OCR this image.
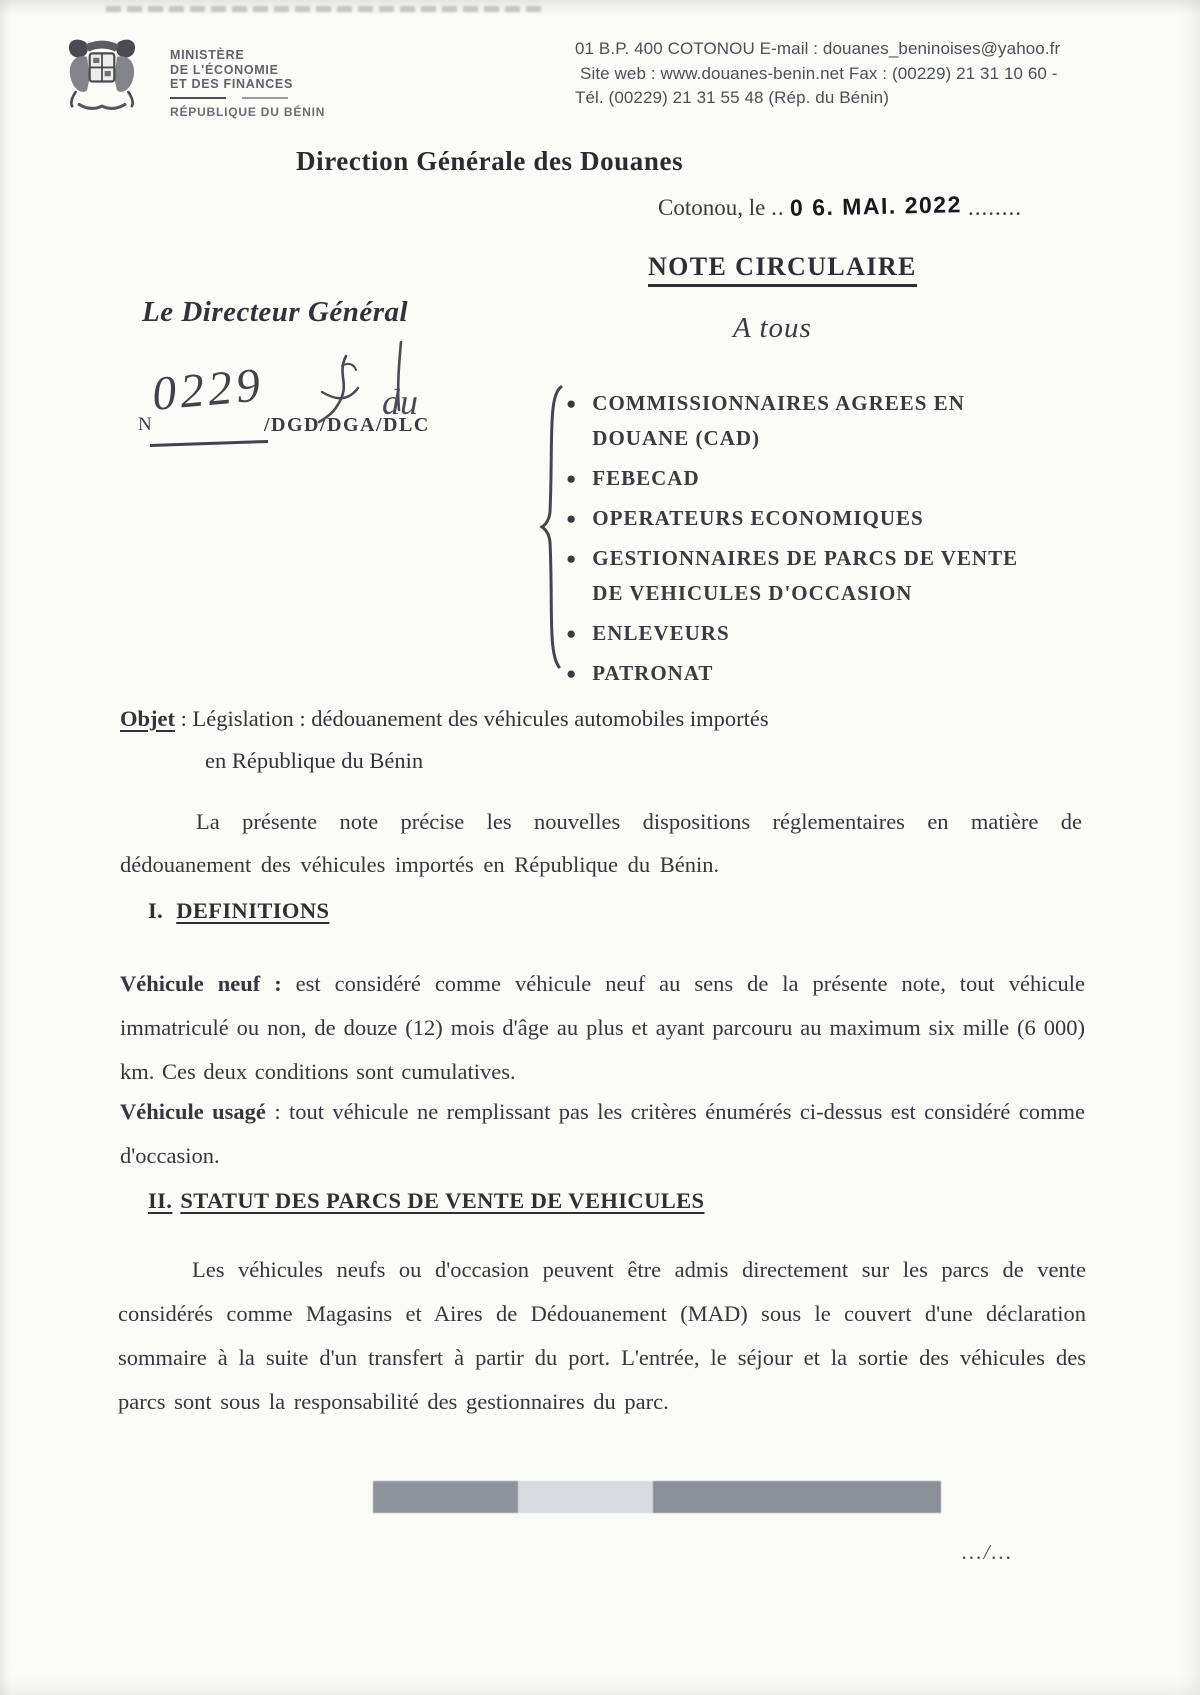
MINISTÈRE
DE L'ÉCONOMIE
ET DES FINANCES
RÉPUBLIQUE DU BÉNIN
01 B.P. 400 COTONOU E-mail : douanes_beninoises@yahoo.fr
Site web : www.douanes-benin.net Fax : (00229) 21 31 10 60 -
Tél. (00229) 21 31 55 48 (Rép. du Bénin)
Direction Générale des Douanes
Cotonou, le .. 0 6. MAI. 2022 ........
NOTE CIRCULAIRE
Le Directeur Général	A tous
N
0229
/DGD/DGA/DLC
du	● COMMISSIONNAIRES AGREES EN DOUANE (CAD)
● FEBECAD
● OPERATEURS ECONOMIQUES
● GESTIONNAIRES DE PARCS DE VENTE DE VEHICULES D'OCCASION
● ENLEVEURS
● PATRONAT
Objet : Législation : dédouanement des véhicules automobiles importés
en République du Bénin
La présente note précise les nouvelles dispositions réglementaires en matière de dédouanement des véhicules importés en République du Bénin.
I. DEFINITIONS
Véhicule neuf : est considéré comme véhicule neuf au sens de la présente note, tout véhicule immatriculé ou non, de douze (12) mois d'âge au plus et ayant parcouru au maximum six mille (6 000) km. Ces deux conditions sont cumulatives.
Véhicule usagé : tout véhicule ne remplissant pas les critères énumérés ci-dessus est considéré comme d'occasion.
II. STATUT DES PARCS DE VENTE DE VEHICULES
Les véhicules neufs ou d'occasion peuvent être admis directement sur les parcs de vente considérés comme Magasins et Aires de Dédouanement (MAD) sous le couvert d'une déclaration sommaire à la suite d'un transfert à partir du port. L'entrée, le séjour et la sortie des véhicules des parcs sont sous la responsabilité des gestionnaires du parc.
.../...
